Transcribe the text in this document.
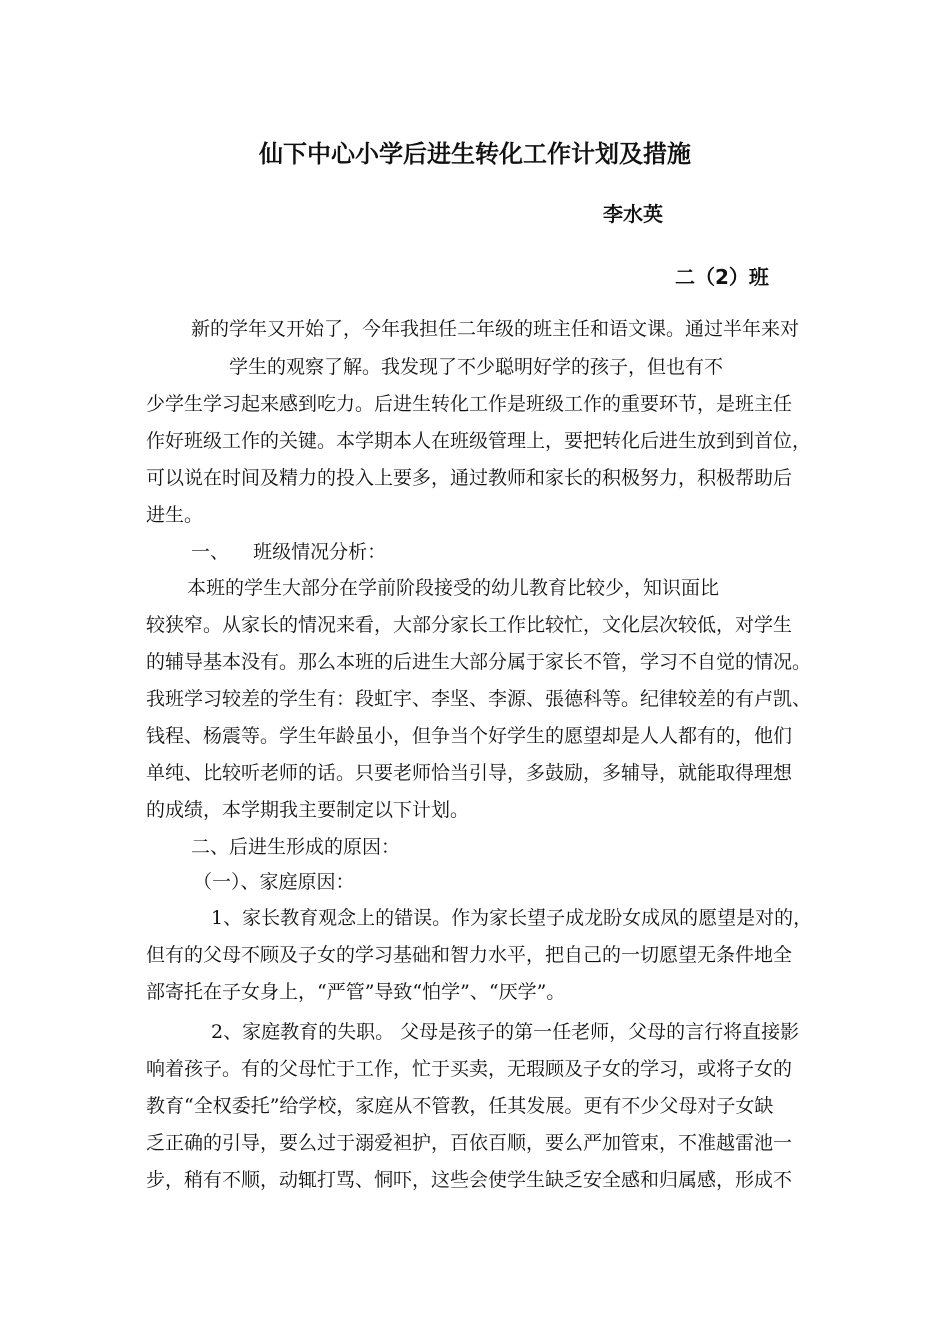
仙下中心小学后进生转化工作计划及措施
李水英
二（2）班
新的学年又开始了，今年我担任二年级的班主任和语文课。通过半年来对
学生的观察了解。我发现了不少聪明好学的孩子，但也有不
少学生学习起来感到吃力。后进生转化工作是班级工作的重要环节，是班主任
作好班级工作的关键。本学期本人在班级管理上，要把转化后进生放到到首位，
可以说在时间及精力的投入上要多，通过教师和家长的积极努力，积极帮助后
进生。
一、    班级情况分析：
本班的学生大部分在学前阶段接受的幼儿教育比较少，知识面比
较狭窄。从家长的情况来看，大部分家长工作比较忙，文化层次较低，对学生
的辅导基本没有。那么本班的后进生大部分属于家长不管，学习不自觉的情况。
我班学习较差的学生有：段虹宇、李坚、李源、張德科等。纪律较差的有卢凯、
钱程、杨震等。学生年龄虽小，但争当个好学生的愿望却是人人都有的，他们
单纯、比较听老师的话。只要老师恰当引导，多鼓励，多辅导，就能取得理想
的成绩，本学期我主要制定以下计划。
二、后进生形成的原因：
（一）、家庭原因：
1、家长教育观念上的错误。作为家长望子成龙盼女成凤的愿望是对的，
但有的父母不顾及子女的学习基础和智力水平，把自己的一切愿望无条件地全
部寄托在子女身上，“严管”导致“怕学”、“厌学”。
2、家庭教育的失职。 父母是孩子的第一任老师，父母的言行将直接影
响着孩子。有的父母忙于工作，忙于买卖，无瑕顾及子女的学习，或将子女的
教育“全权委托”给学校，家庭从不管教，任其发展。更有不少父母对子女缺
乏正确的引导，要么过于溺爱袒护，百依百顺，要么严加管束，不准越雷池一
步，稍有不顺，动辄打骂、恫吓，这些会使学生缺乏安全感和归属感，形成不
